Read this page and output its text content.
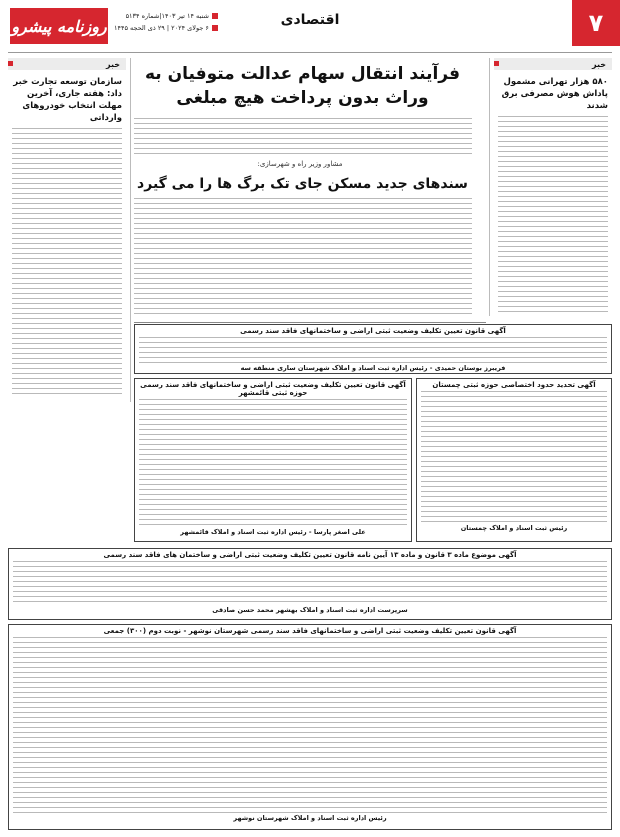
۷
اقتصادی
شنبه ۱۴ تیر ۱۴۰۳|شماره ۵۱۳۴
۶ جولای ۲۰۲۴ | ۲۹ ذی الحجه ۱۴۴۵
روزنامه پیشرو
خبر
۵۸۰ هزار تهرانی مشمول پاداش هوش مصرفی برق شدند
خبر
سازمان توسعه تجارت خبر داد: هفته جاری، آخرین مهلت انتخاب خودروهای وارداتی
فرآیند انتقال سهام عدالت متوفیان به وراث بدون پرداخت هیچ مبلغی
مشاور وزیر راه و شهرسازی:
سندهای جدید مسکن جای تک برگ ها را می گیرد
آگهی قانون تعیین تکلیف وضعیت ثبتی اراضی و ساختمانهای فاقد سند رسمی
فریبرز بوستان حمیدی - رئیس اداره ثبت اسناد و املاک شهرستان ساری منطقه سه
آگهی قانون تعیین تکلیف وضعیت ثبتی اراضی و ساختمانهای فاقد سند رسمی حوزه ثبتی قائمشهر
علی اصغر پارسا - رئیس اداره ثبت اسناد و املاک قائمشهر
آگهی تحدید حدود اختصاصی حوزه ثبتی چمستان
رئیس ثبت اسناد و املاک چمستان
آگهی موضوع ماده ۳ قانون و ماده ۱۳ آیین نامه قانون تعیین تکلیف وضعیت ثبتی اراضی و ساختمان های فاقد سند رسمی
سرپرست اداره ثبت اسناد و املاک بهشهر محمد حسن صادقی
آگهی قانون تعیین تکلیف وضعیت ثبتی اراضی و ساختمانهای فاقد سند رسمی شهرستان نوشهر - نوبت دوم (۳۰۰) جمعی
رئیس اداره ثبت اسناد و املاک شهرستان نوشهر
